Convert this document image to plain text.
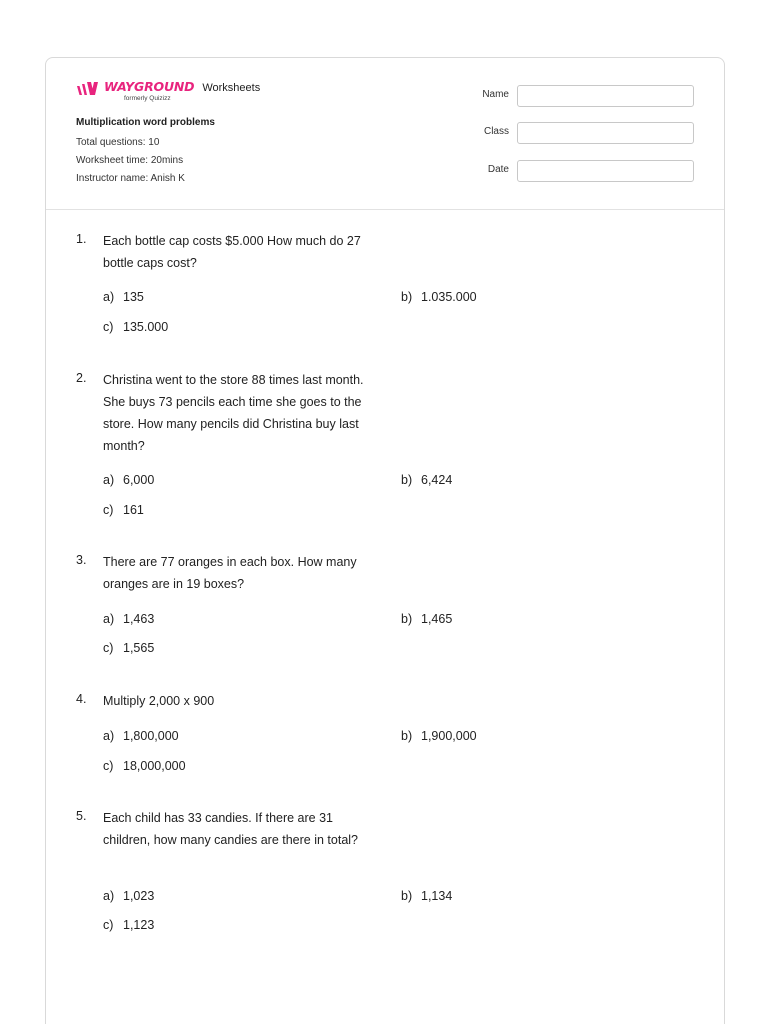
WAYGROUND
formerly Quizizz
Worksheets
Multiplication word problems
Total questions: 10
Worksheet time: 20mins
Instructor name: Anish K
Name
Class
Date
1. Each bottle cap costs $5.000 How much do 27 bottle caps cost?
a) 135	b) 1.035.000
c) 135.000
2. Christina went to the store 88 times last month. She buys 73 pencils each time she goes to the store. How many pencils did Christina buy last month?
a) 6,000	b) 6,424
c) 161
3. There are 77 oranges in each box. How many oranges are in 19 boxes?
a) 1,463	b) 1,465
c) 1,565
4. Multiply 2,000 x 900
a) 1,800,000	b) 1,900,000
c) 18,000,000
5. Each child has 33 candies. If there are 31 children, how many candies are there in total?
a) 1,023	b) 1,134
c) 1,123
